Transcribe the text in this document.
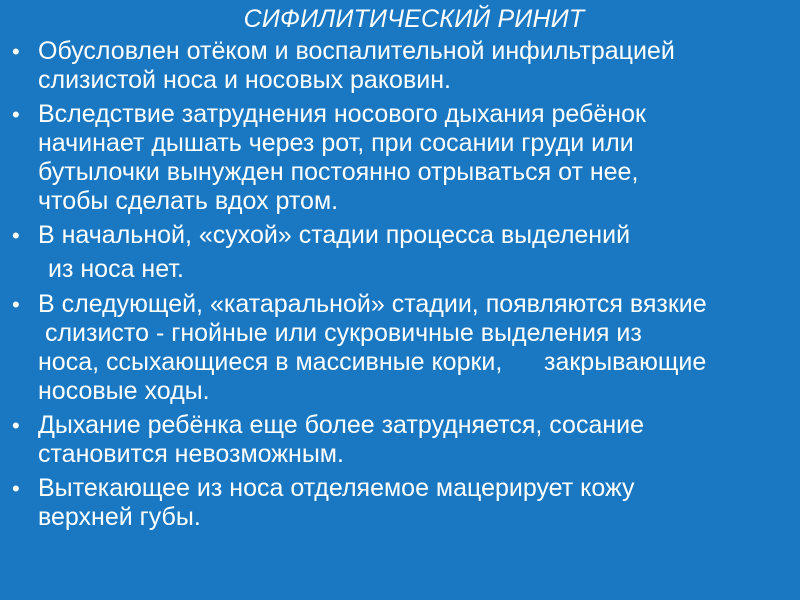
СИФИЛИТИЧЕСКИЙ РИНИТ
• Обусловлен отёком и воспалительной инфильтрацией
слизистой носа и носовых раковин.
• Вследствие затруднения носового дыхания ребёнок
начинает дышать через рот, при сосании груди или
бутылочки вынужден постоянно отрываться от нее,
чтобы сделать вдох ртом.
• В начальной, «сухой» стадии процесса выделений
из носа нет.
• В следующей, «катаральной» стадии, появляются вязкие
слизисто - гнойные или сукровичные выделения из
носа, ссыхающиеся в массивные корки,      закрывающие
носовые ходы.
• Дыхание ребёнка еще более затрудняется, сосание
становится невозможным.
• Вытекающее из носа отделяемое мацерирует кожу
верхней губы.
